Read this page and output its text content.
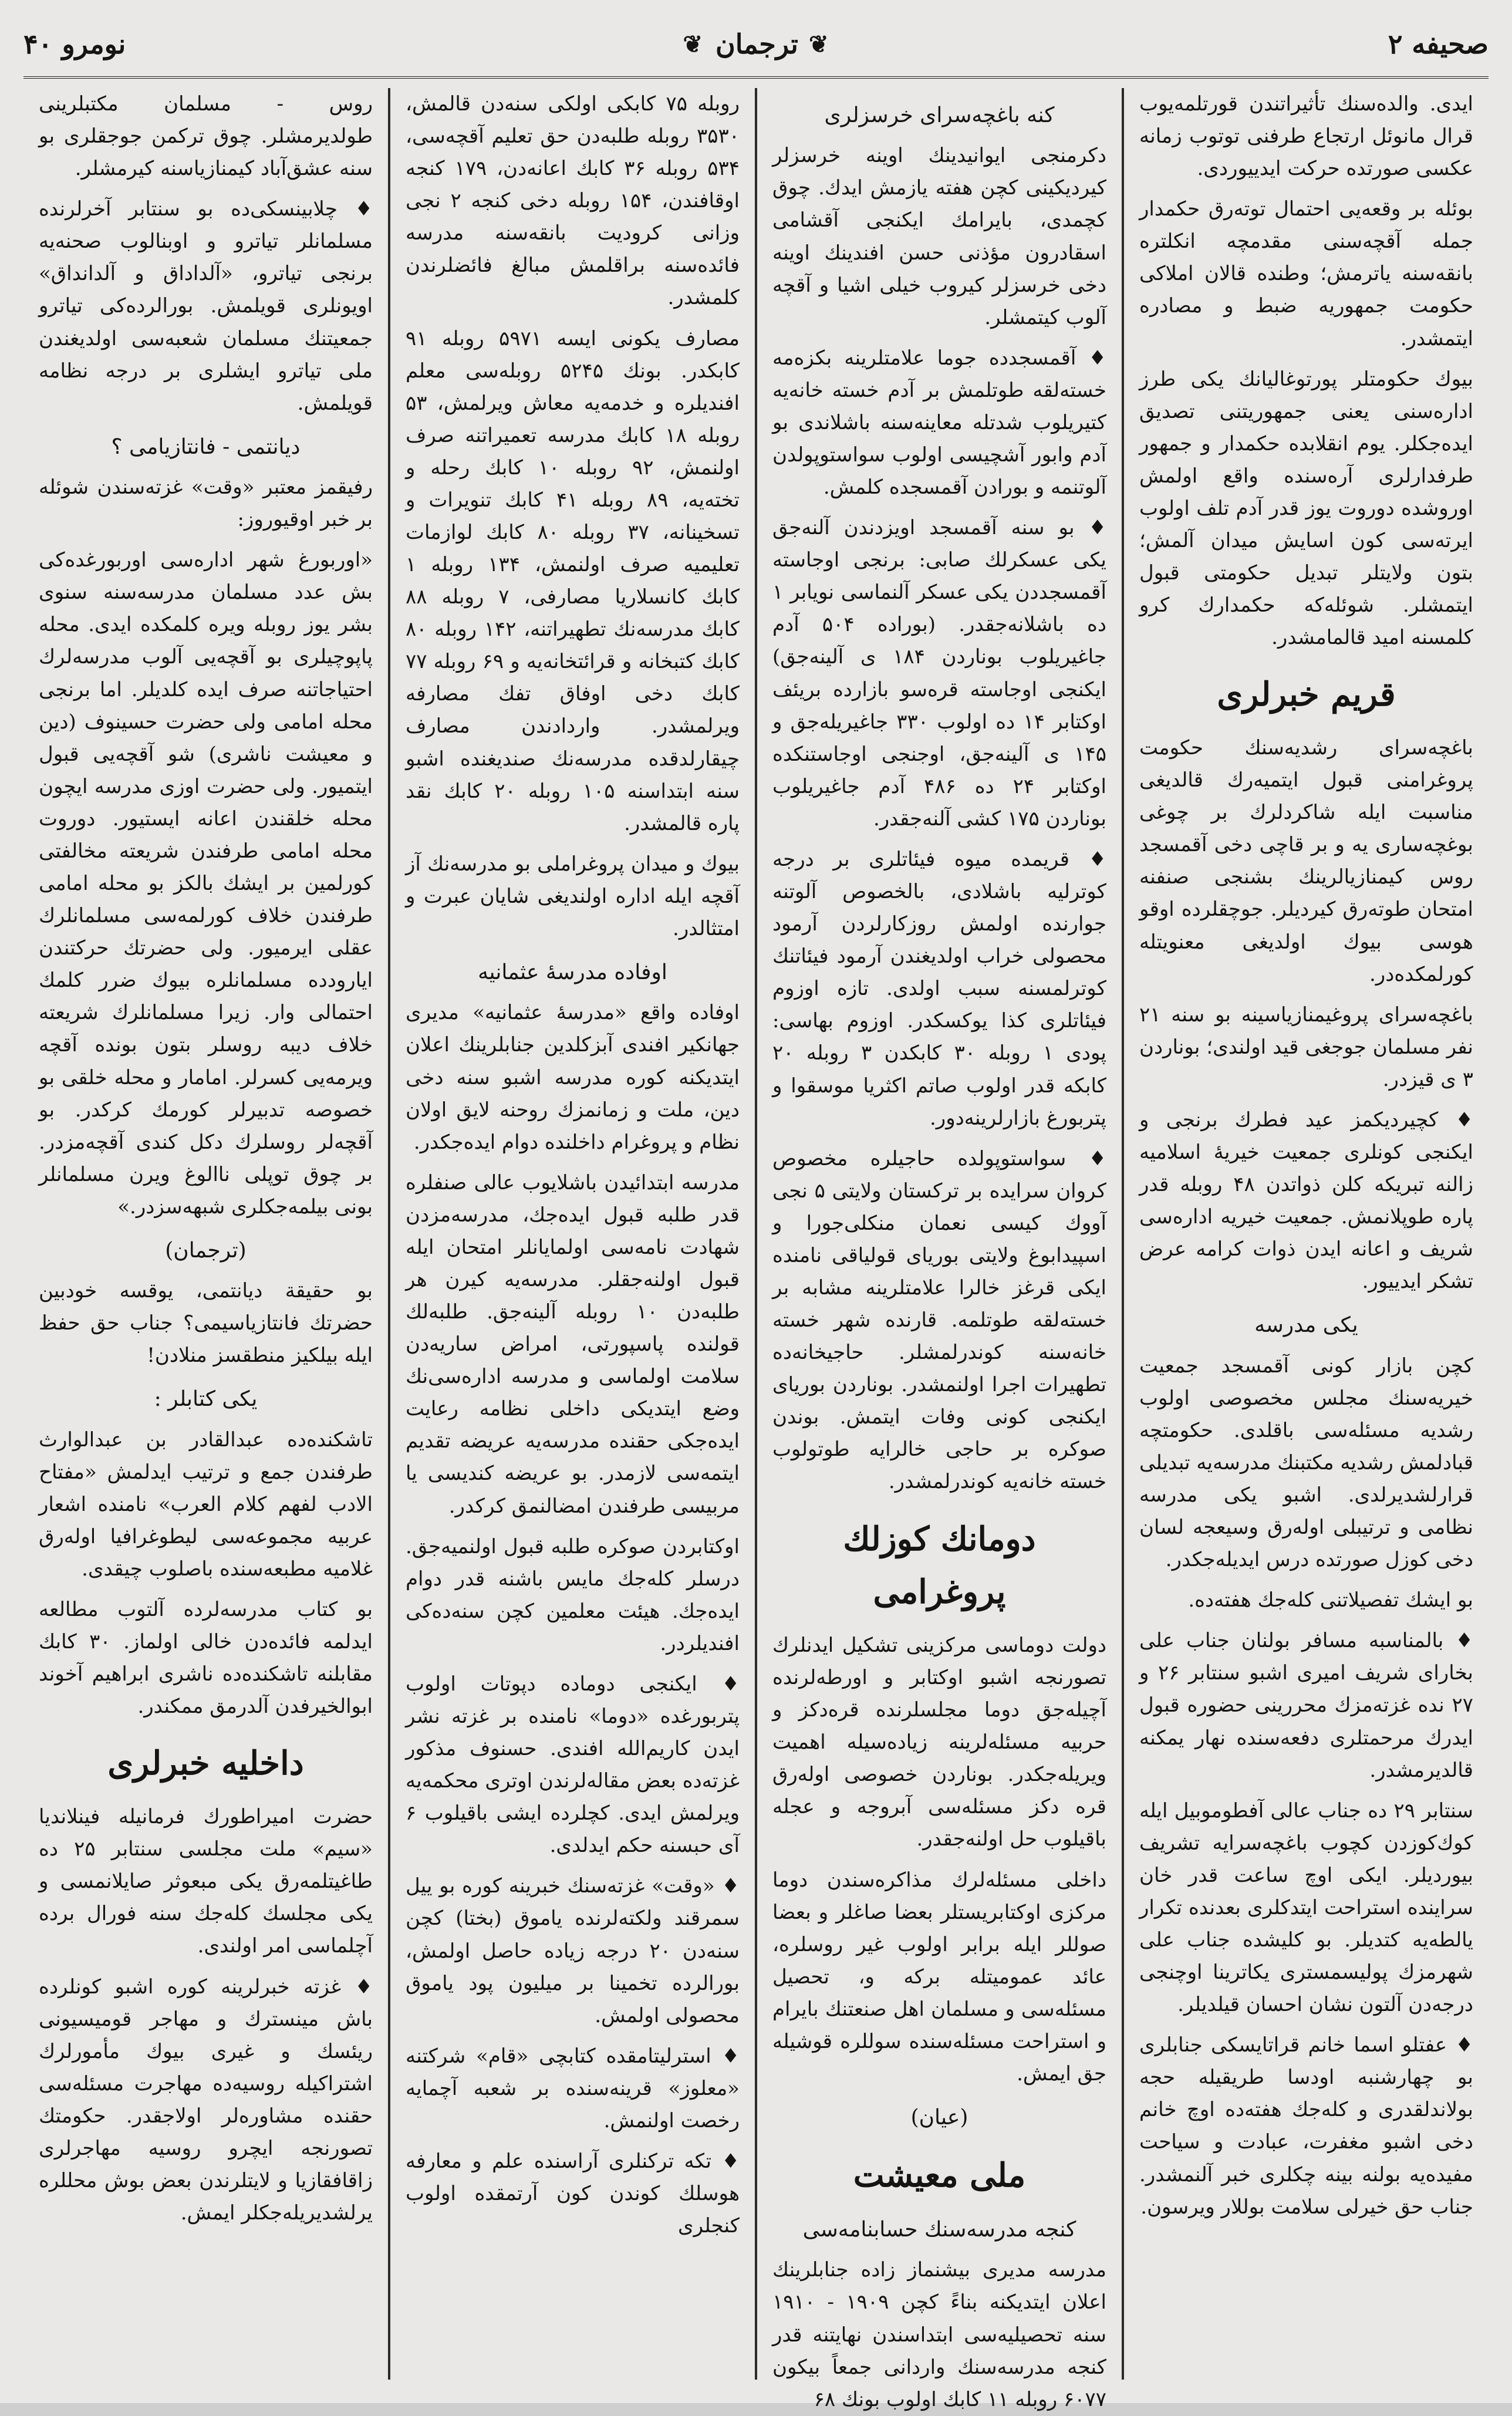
صحیفه ۲
❦
ترجمان
❦
نومرو ۴۰

ایدی. والده‌سنك تأثیراتندن قورتلمه‌یوب قرال مانوئل ارتجاع طرفنی توتوب زمانه عکسی صورتده حرکت ایدییوردی.

بوئله بر وقعه‌یی احتمال توته‌رق حکمدار جمله آقچه‌سنی مقدمچه انکلتره بانقه‌سنه یاترمش؛ وطنده قالان املاکی حکومت جمهوریه ضبط و مصادره ایتمشدر.

بیوك حکومتلر پورتوغالیانك یکی طرز اداره‌سنی یعنی جمهوریتنی تصدیق ایده‌جکلر. یوم انقلابده حکمدار و جمهور طرفدارلری آره‌سنده واقع اولمش اوروشده دوروت یوز قدر آدم تلف اولوب ایرته‌سی کون اسایش میدان آلمش؛ بتون ولایتلر تبدیل حکومتی قبول ایتمشلر. شوئله‌که حکمدارك کرو کلمسنه امید قالمامشدر.

قریم خبرلری

باغچه‌سرای رشدیه‌سنك حکومت پروغرامنی قبول ایتمیه‌رك قالدیغی مناسبت ایله شاکردلرك بر چوغی بوغچه‌ساری یه و بر قاچی دخی آقمسجد روس کیمنازیالرینك بشنجی صنفنه امتحان طوته‌رق کیردیلر. جوچقلرده اوقو هوسی بیوك اولدیغی معنویتله کورلمکده‌در.

باغچه‌سرای پروغیمنازیاسینه بو سنه ۲۱ نفر مسلمان جوجغی قید اولندی؛ بوناردن ۳ ی قیزدر.

♦ کچیردیکمز عید فطرك برنجی و ایکنجی کونلری جمعیت خیریهٔ اسلامیه زالنه تبریکه کلن ذواتدن ۴۸ روبله قدر پاره طوپلانمش. جمعیت خیریه اداره‌سی شریف و اعانه ایدن ذوات کرامه عرض تشکر ایدییور.

یکی مدرسه

کچن بازار کونی آقمسجد جمعیت خیریه‌سنك مجلس مخصوصی اولوب رشدیه مسئله‌سی باقلدی. حکومتچه قبادلمش رشدیه مکتبنك مدرسه‌یه تبدیلی قرارلشدیرلدی. اشبو یکی مدرسه نظامی و ترتیبلی اوله‌رق وسیعجه لسان دخی کوزل صورتده درس ایدیله‌جکدر.

بو ایشك تفصیلاتنی کله‌جك هفته‌ده.

♦ بالمناسبه مسافر بولنان جناب علی بخارای شریف امیری اشبو سنتابر ۲۶ و ۲۷ نده غزته‌مزك محررینی حضوره قبول ایدرك مرحمتلری دفعه‌سنده نهار یمکنه قالدیرمشدر.

سنتابر ۲۹ ده جناب عالی آفطوموبیل ایله کوك‌کوزدن کچوب باغچه‌سرایه تشریف بیوردیلر. ایکی اوچ ساعت قدر خان سراینده استراحت ایتدکلری بعدنده تکرار یالطه‌یه کتدیلر. بو کلیشده جناب علی شهرمزك پولیسمستری یکاترینا اوچنجی درجه‌دن آلتون نشان احسان قیلدیلر.

♦ عفتلو اسما خانم قراتایسکی جنابلری بو چهارشنبه اودسا طریقیله حجه بولاندلقدری و کله‌جك هفته‌ده اوچ خانم دخی اشبو مغفرت، عبادت و سیاحت مفیده‌یه بولنه بینه چکلری خبر آلنمشدر. جناب حق خیرلی سلامت بوللار ویرسون.

کنه باغچه‌سرای خرسزلری

دکرمنجی ایوانیدینك اوینه خرسزلر کیردیکینی کچن هفته یازمش ایدك. چوق کچمدی، بایرامك ایکنجی آقشامی اسقادرون مؤذنی حسن افندینك اوینه دخی خرسزلر کیروب خیلی اشیا و آقچه آلوب کیتمشلر.

♦ آقمسجدده جوما علامتلرینه بکزه‌مه خسته‌لقه طوتلمش بر آدم خسته خانه‌یه کتیریلوب شدتله معاینه‌سنه باشلاندی بو آدم وابور آشچیسی اولوب سواستوپولدن آلوتنمه و بورادن آقمسجده کلمش.

♦ بو سنه آقمسجد اویزدندن آلنه‌جق یکی عسکرلك صابی: برنجی اوجاسته آقمسجددن یکی عسکر آلنماسی نویابر ۱ ده باشلانه‌جقدر. (بوراده ۵۰۴ آدم جاغیریلوب بوناردن ۱۸۴ ی آلینه‌جق) ایکنجی اوجاسته قره‌سو بازارده بریئف اوکتابر ۱۴ ده اولوب ۳۳۰ جاغیریله‌جق و ۱۴۵ ی آلینه‌جق، اوجنجی اوجاستنکده اوکتابر ۲۴ ده ۴۸۶ آدم جاغیریلوب بوناردن ۱۷۵ کشی آلنه‌جقدر.

♦ قریمده میوه فیئاتلری بر درجه کوترلیه باشلادی، بالخصوص آلوتنه جوارنده اولمش روزکارلردن آرمود محصولی خراب اولدیغندن آرمود فیئاتنك کوترلمسنه سبب اولدی. تازه اوزوم فیئاتلری کذا یوکسکدر. اوزوم بهاسی: پودی ۱ روبله ۳۰ کابکدن ۳ روبله ۲۰ کابکه قدر اولوب صاتم اکثریا موسقوا و پتربورغ بازارلرینه‌دور.

♦ سواستوپولده حاجیلره مخصوص کروان سرایده بر ترکستان ولایتی ۵ نجی آووك کیسی نعمان منکلی‌جورا و اسپیدابوغ ولایتی بوریای قولیاقی نامنده ایکی قرغز خالرا علامتلرینه مشابه بر خسته‌لقه طوتلمه. قارنده شهر خسته خانه‌سنه کوندرلمشلر. حاجیخانه‌ده تطهیرات اجرا اولنمشدر. بوناردن بوریای ایکنجی کونی وفات ایتمش. بوندن صوکره بر حاجی خالرایه طوتولوب خسته خانه‌یه کوندرلمشدر.

دومانك کوزلك پروغرامی

دولت دوماسی مرکزینی تشکیل ایدنلرك تصورنجه اشبو اوکتابر و اورطه‌لرنده آچیله‌جق دوما مجلسلرنده قره‌دکز و حربیه مسئله‌لرینه زیاده‌سیله اهمیت ویریله‌جکدر. بوناردن خصوصی اوله‌رق قره دکز مسئله‌سی آبروجه و عجله باقیلوب حل اولنه‌جقدر.

داخلی مسئله‌لرك مذاکره‌سندن دوما مرکزی اوکتابریستلر بعضا صاغلر و بعضا صوللر ایله برابر اولوب غیر روسلره، عائد عمومیتله برکه و، تحصیل مسئله‌سی و مسلمان اهل صنعتنك بایرام و استراحت مسئله‌سنده سوللره قوشیله جق ایمش.

(عیان)
ملی معیشت
کنجه مدرسه‌سنك حسابنامه‌سی

مدرسه مدیری بیشنماز زاده جنابلرینك اعلان ایتدیکنه بناءً کچن ۱۹۰۹ - ۱۹۱۰ سنه تحصیلیه‌سی ابتداسندن نهایتنه قدر کنجه مدرسه‌سنك واردانی جمعاً بیکون ۶۰۷۷ روبله ۱۱ کابك اولوب بونك ۶۸

روبله ۷۵ کابکی اولکی سنه‌دن قالمش، ۳۵۳۰ روبله طلبه‌دن حق تعلیم آقچه‌سی، ۵۳۴ روبله ۳۶ کابك اعانه‌دن، ۱۷۹ کنجه اوقافندن، ۱۵۴ روبله دخی کنجه ۲ نجی وزانی کرودیت بانقه‌سنه مدرسه فائده‌سنه براقلمش مبالغ فائضلرندن کلمشدر.

مصارف یکونی ایسه ۵۹۷۱ روبله ۹۱ کابکدر. بونك ۵۲۴۵ روبله‌سی معلم افندیلره و خدمه‌یه معاش ویرلمش، ۵۳ روبله ۱۸ کابك مدرسه تعمیراتنه صرف اولنمش، ۹۲ روبله ۱۰ کابك رحله و تخته‌یه، ۸۹ روبله ۴۱ کابك تنویرات و تسخینانه، ۳۷ روبله ۸۰ کابك لوازمات تعلیمیه صرف اولنمش، ۱۳۴ روبله ۱ کابك کانسلاریا مصارفی، ۷ روبله ۸۸ کابك مدرسه‌نك تطهیراتنه، ۱۴۲ روبله ۸۰ کابك کتبخانه و قرائتخانه‌یه و ۶۹ روبله ۷۷ کابك دخی اوفاق تفك مصارفه ویرلمشدر. واردادندن مصارف چیقارلدقده مدرسه‌نك صندیغنده اشبو سنه ابتداسنه ۱۰۵ روبله ۲۰ کابك نقد پاره قالمشدر.

بیوك و میدان پروغراملی بو مدرسه‌نك آز آقچه ایله اداره اولندیغی شایان عبرت و امتثالدر.

اوفاده مدرسهٔ عثمانیه

اوفاده واقع «مدرسهٔ عثمانیه» مدیری جهانکیر افندی آبزکلدین جنابلرینك اعلان ایتدیکنه کوره مدرسه اشبو سنه دخی دین، ملت و زمانمزك روحنه لایق اولان نظام و پروغرام داخلنده دوام ایده‌جکدر.

مدرسه ابتدائیدن باشلایوب عالی صنفلره قدر طلبه قبول ایده‌جك، مدرسه‌مزدن شهادت نامه‌سی اولمایانلر امتحان ایله قبول اولنه‌جقلر. مدرسه‌یه کیرن هر طلبه‌دن ۱۰ روبله آلینه‌جق. طلبه‌لك قولنده پاسپورتی، امراض ساریه‌دن سلامت اولماسی و مدرسه اداره‌سی‌نك وضع ایتدیکی داخلی نظامه رعایت ایده‌جکی حقنده مدرسه‌یه عریضه تقدیم ایتمه‌سی لازمدر. بو عریضه کندیسی یا مربیسی طرفندن امضالنمق کرکدر.

اوکتابردن صوکره طلبه قبول اولنمیه‌جق. درسلر کله‌جك مایس باشنه قدر دوام ایده‌جك. هیئت معلمین کچن سنه‌ده‌کی افندیلردر.

♦ ایکنجی دوماده دپوتات اولوب پتربورغده «دوما» نامنده بر غزته نشر ایدن کاریم‌الله افندی. حسنوف مذکور غزته‌ده بعض مقاله‌لرندن اوتری محکمه‌یه ویرلمش ایدی. کچلرده ایشی باقیلوب ۶ آی حبسنه حکم ایدلدی.

♦ «وقت» غزته‌سنك خبرینه کوره بو ییل سمرقند ولکته‌لرنده یاموق (بختا) کچن سنه‌دن ۲۰ درجه زیاده حاصل اولمش، بورالرده تخمینا بر میلیون پود یاموق محصولی اولمش.

♦ استرلیتامقده کتابچی «قام» شرکتنه «معلوز» قرینه‌سنده بر شعبه آچمایه رخصت اولنمش.

♦ تکه ترکنلری آراسنده علم و معارفه هوسلك کوندن کون آرتمقده اولوب کنجلری

روس - مسلمان مکتبلرینی طولدیرمشلر. چوق ترکمن جوجقلری بو سنه عشق‌آباد کیمنازیاسنه کیرمشلر.

♦ چلابینسکی‌ده بو سنتابر آخرلرنده مسلمانلر تیاترو و اوبنالوب صحنه‌یه برنجی تیاترو، «آلداداق و آلدانداق» اویونلری قویلمش. بورالرده‌کی تیاترو جمعیتنك مسلمان شعبه‌سی اولدیغندن ملی تیاترو ایشلری بر درجه نظامه قویلمش.

دیانتمی - فانتازیامی ؟

رفیقمز معتبر «وقت» غزته‌سندن شوئله بر خبر اوقیوروز:

«اوربورغ شهر اداره‌سی اوربورغده‌کی بش عدد مسلمان مدرسه‌سنه سنوی بشر یوز روبله ویره کلمکده ایدی. محله پاپوچیلری بو آقچه‌یی آلوب مدرسه‌لرك احتیاجاتنه صرف ایده کلدیلر. اما برنجی محله امامی ولی حضرت حسینوف (دین و معیشت ناشری) شو آقچه‌یی قبول ایتمیور. ولی حضرت اوزی مدرسه ایچون محله خلقندن اعانه ایستیور. دوروت محله امامی طرفندن شریعته مخالفتی کورلمین بر ایشك بالکز بو محله امامی طرفندن خلاف کورلمه‌سی مسلمانلرك عقلی ایرمیور. ولی حضرتك حرکتندن ایارودده مسلمانلره بیوك ضرر کلمك احتمالی وار. زیرا مسلمانلرك شریعته خلاف دیبه روسلر بتون بونده آقچه ویرمه‌یی کسرلر. امامار و محله خلقی بو خصوصه تدبیرلر کورمك کرکدر. بو آقچه‌لر روسلرك دکل کندی آقچه‌مزدر. بر چوق توپلی ناالوغ ویرن مسلمانلر بونی بیلمه‌جکلری شبهه‌سزدر.»

(ترجمان)

بو حقیقة دیانتمی، یوقسه خودبین حضرتك فانتازیاسیمی؟ جناب حق حفظ ایله بیلکیز منطقسز منلادن!

یکی کتابلر :

تاشکنده‌ده عبدالقادر بن عبدالوارث طرفندن جمع و ترتیب ایدلمش «مفتاح الادب لفهم کلام العرب» نامنده اشعار عربیه مجموعه‌سی لیطوغرافیا اوله‌رق غلامیه مطبعه‌سنده باصلوب چیقدی.

بو کتاب مدرسه‌لرده آلتوب مطالعه ایدلمه فائده‌دن خالی اولماز. ۳۰ کابك مقابلنه تاشکنده‌ده ناشری ابراهیم آخوند ابوالخیرفدن آلدرمق ممکندر.

داخلیه خبرلری

حضرت امیراطورك فرمانیله فینلاندیا «سیم» ملت مجلسی سنتابر ۲۵ ده طاغیتلمه‌رق یکی مبعوثر صایلانمسی و یکی مجلسك کله‌جك سنه فورال برده آچلماسی امر اولندی.

♦ غزته خبرلرینه کوره اشبو کونلرده باش مینسترك و مهاجر قومیسیونی ریئسك و غیری بیوك مأمورلرك اشتراکیله روسیه‌ده مهاجرت مسئله‌سی حقنده مشاوره‌لر اولاجقدر. حکومتك تصورنجه ایچرو روسیه مهاجرلری زاقافقازیا و لایتلرندن بعض بوش محللره یرلشدیریله‌جکلر ایمش.
